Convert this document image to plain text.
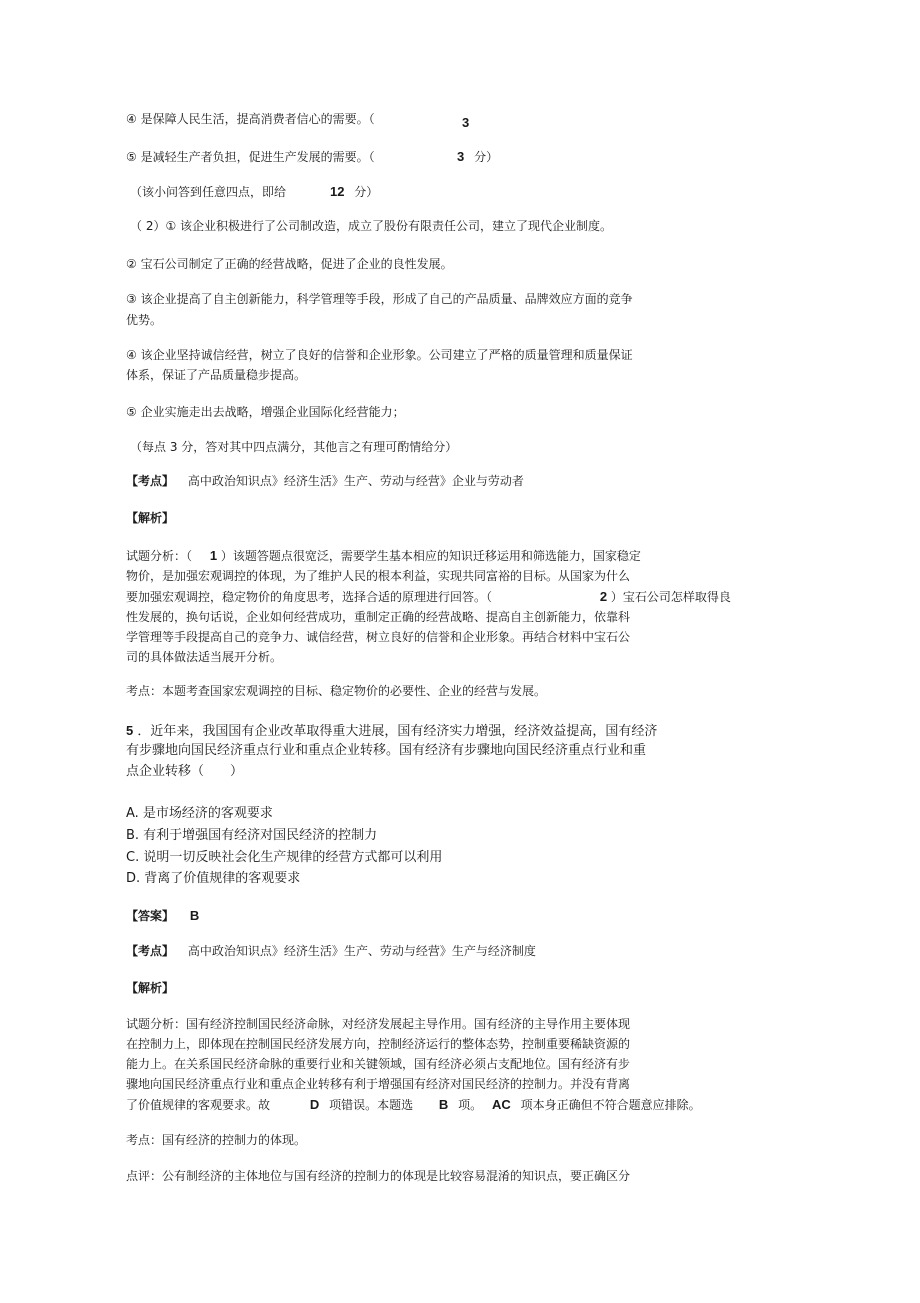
④ 是保障人民生活，提高消费者信心的需要。（	3
⑤ 是减轻生产者负担，促进生产发展的需要。（	3 分）
（该小问答到任意四点，即给	12 分）
（ 2）① 该企业积极进行了公司制改造，成立了股份有限责任公司，建立了现代企业制度。
② 宝石公司制定了正确的经营战略，促进了企业的良性发展。
③ 该企业提高了自主创新能力，科学管理等手段，形成了自己的产品质量、品牌效应方面的竞争
优势。
④ 该企业坚持诚信经营，树立了良好的信誉和企业形象。公司建立了严格的质量管理和质量保证
体系，保证了产品质量稳步提高。
⑤ 企业实施走出去战略，增强企业国际化经营能力；
（每点 3 分，答对其中四点满分，其他言之有理可酌情给分）
【考点】 高中政治知识点》经济生活》生产、劳动与经营》企业与劳动者
【解析】
试题分析：（ 1 ）该题答题点很宽泛，需要学生基本相应的知识迁移运用和筛选能力，国家稳定
物价，是加强宏观调控的体现，为了维护人民的根本利益，实现共同富裕的目标。从国家为什么
要加强宏观调控，稳定物价的角度思考，选择合适的原理进行回答。（	2 ）宝石公司怎样取得良
性发展的，换句话说，企业如何经营成功，重制定正确的经营战略、提高自主创新能力，依靠科
学管理等手段提高自己的竞争力、诚信经营，树立良好的信誉和企业形象。再结合材料中宝石公
司的具体做法适当展开分析。
考点：本题考查国家宏观调控的目标、稳定物价的必要性、企业的经营与发展。
5 ．近年来，我国国有企业改革取得重大进展，国有经济实力增强，经济效益提高，国有经济
有步骤地向国民经济重点行业和重点企业转移。国有经济有步骤地向国民经济重点行业和重
点企业转移（　　）
A. 是市场经济的客观要求
B. 有利于增强国有经济对国民经济的控制力
C. 说明一切反映社会化生产规律的经营方式都可以利用
D. 背离了价值规律的客观要求
【答案】 B
【考点】 高中政治知识点》经济生活》生产、劳动与经营》生产与经济制度
【解析】
试题分析：国有经济控制国民经济命脉，对经济发展起主导作用。国有经济的主导作用主要体现
在控制力上，即体现在控制国民经济发展方向，控制经济运行的整体态势，控制重要稀缺资源的
能力上。在关系国民经济命脉的重要行业和关键领域，国有经济必须占支配地位。国有经济有步
骤地向国民经济重点行业和重点企业转移有利于增强国有经济对国民经济的控制力。并没有背离
了价值规律的客观要求。故	D 项错误。本题选 B 项。 AC 项本身正确但不符合题意应排除。
考点：国有经济的控制力的体现。
点评：公有制经济的主体地位与国有经济的控制力的体现是比较容易混淆的知识点，要正确区分
